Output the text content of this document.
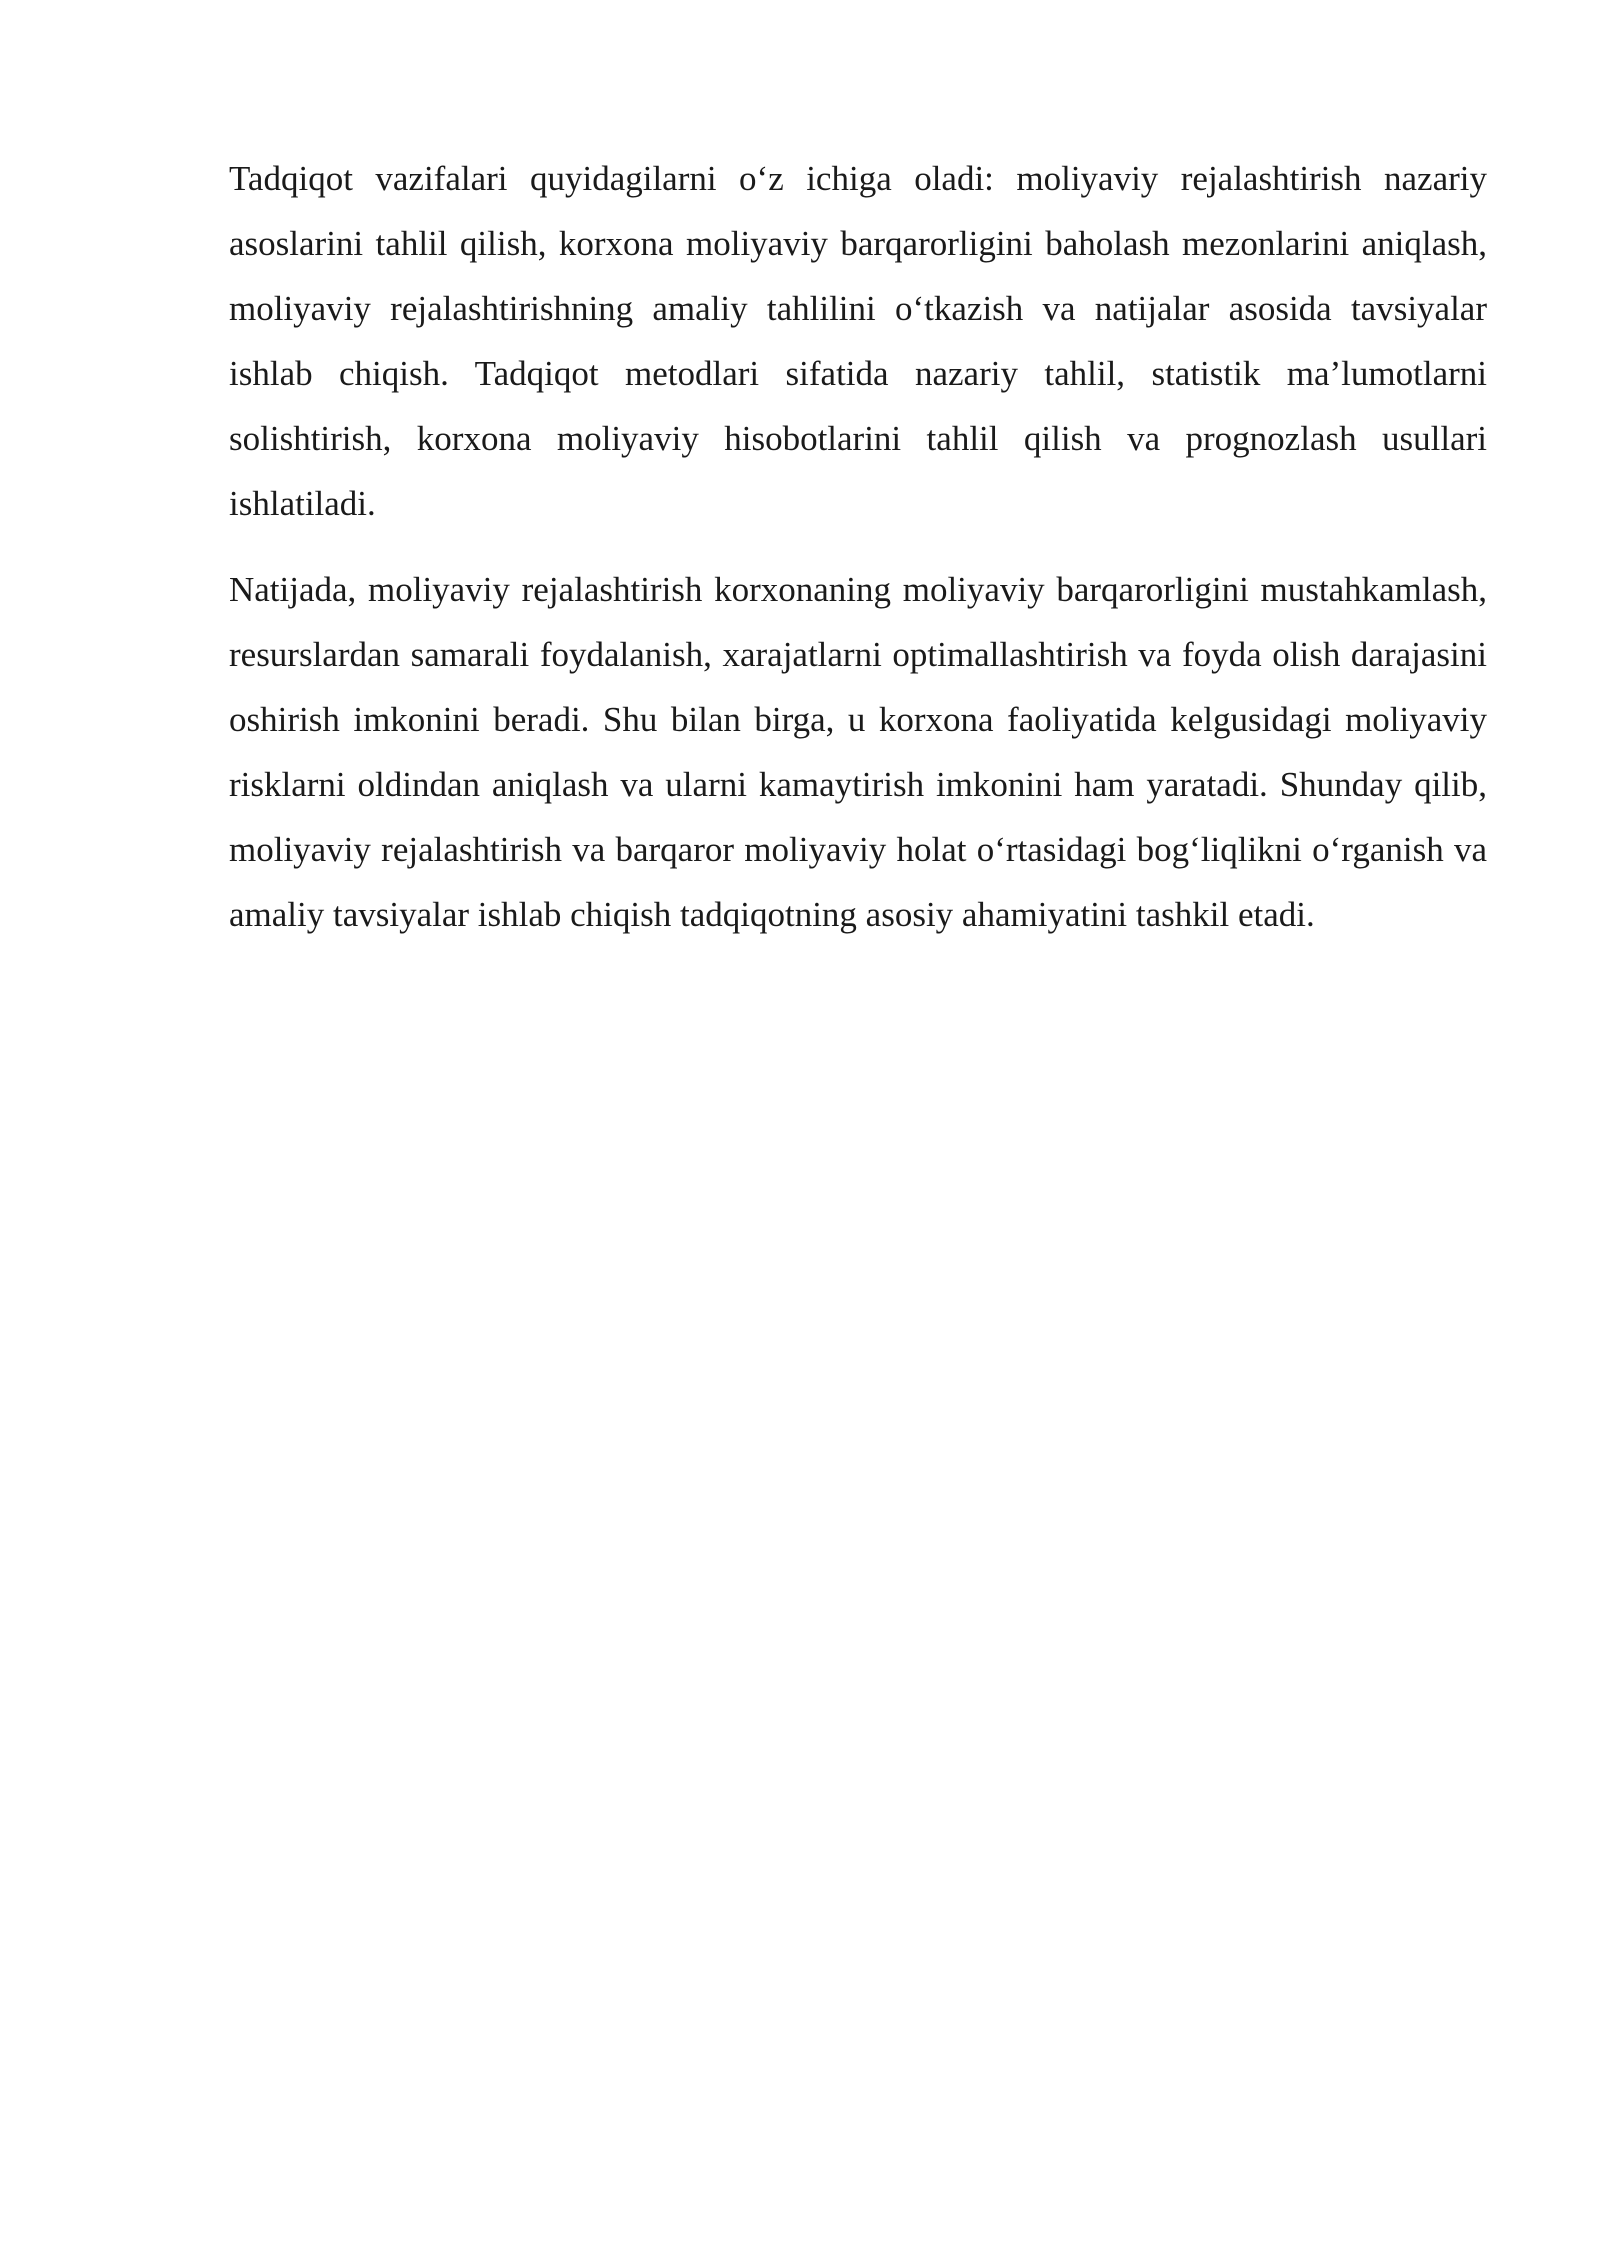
Tadqiqot vazifalari quyidagilarni o‘z ichiga oladi: moliyaviy rejalashtirish nazariy asoslarini tahlil qilish, korxona moliyaviy barqarorligini baholash mezonlarini aniqlash, moliyaviy rejalashtirishning amaliy tahlilini o‘tkazish va natijalar asosida tavsiyalar ishlab chiqish. Tadqiqot metodlari sifatida nazariy tahlil, statistik ma’lumotlarni solishtirish, korxona moliyaviy hisobotlarini tahlil qilish va prognozlash usullari ishlatiladi.

Natijada, moliyaviy rejalashtirish korxonaning moliyaviy barqarorligini mustahkamlash, resurslardan samarali foydalanish, xarajatlarni optimallashtirish va foyda olish darajasini oshirish imkonini beradi. Shu bilan birga, u korxona faoliyatida kelgusidagi moliyaviy risklarni oldindan aniqlash va ularni kamaytirish imkonini ham yaratadi. Shunday qilib, moliyaviy rejalashtirish va barqaror moliyaviy holat o‘rtasidagi bog‘liqlikni o‘rganish va amaliy tavsiyalar ishlab chiqish tadqiqotning asosiy ahamiyatini tashkil etadi.
